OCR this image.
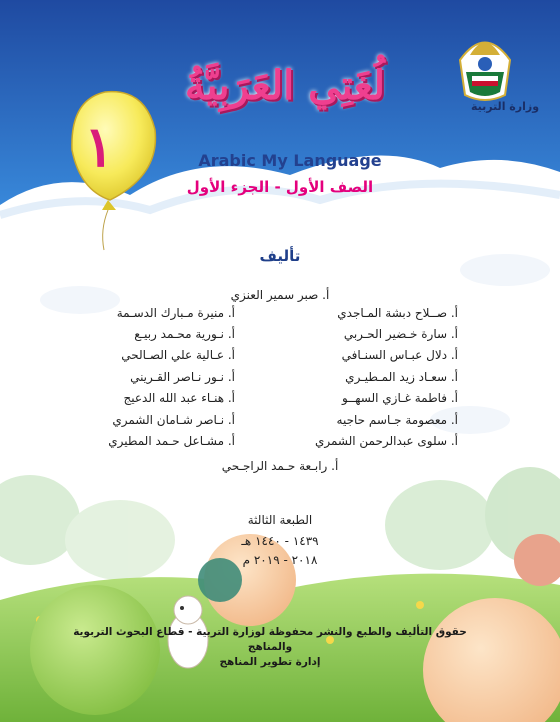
وزارة التربية
لُغَتِي العَرَبِيَّةُ
١	Arabic My Language
الصف الأول - الجزء الأول
تأليف
أ. صبر سمير العنزي
أ. صــلاح دبشة المـاجدي
أ. سارة خـضير الحـربي
أ. دلال عبـاس السنـافي
أ. سعـاد زيد المـطيـري
أ. فاطمة غـازي السهــو
أ. معصومة جـاسم حاجيه
أ. سلوى عبدالرحمن الشمري
أ. منيرة مـبارك الدسـمة
أ. نـورية محـمد ربيـع
أ. عـالية علي الصـالحي
أ. نـور نـاصر القـريني
أ. هنـاء عبد الله الدعيج
أ. نـاصر شـامان الشمري
أ. مشـاعل حـمد المطيري
أ. رابـعة حـمد الراجـحي
الطبعة الثالثة
١٤٣٩ - ١٤٤٠ هـ
٢٠١٨ - ٢٠١٩ م
حقوق التأليف والطبع والنشر محفوظة لوزارة التربية - قطاع البحوث التربوية والمناهج
إدارة تطوير المناهج
